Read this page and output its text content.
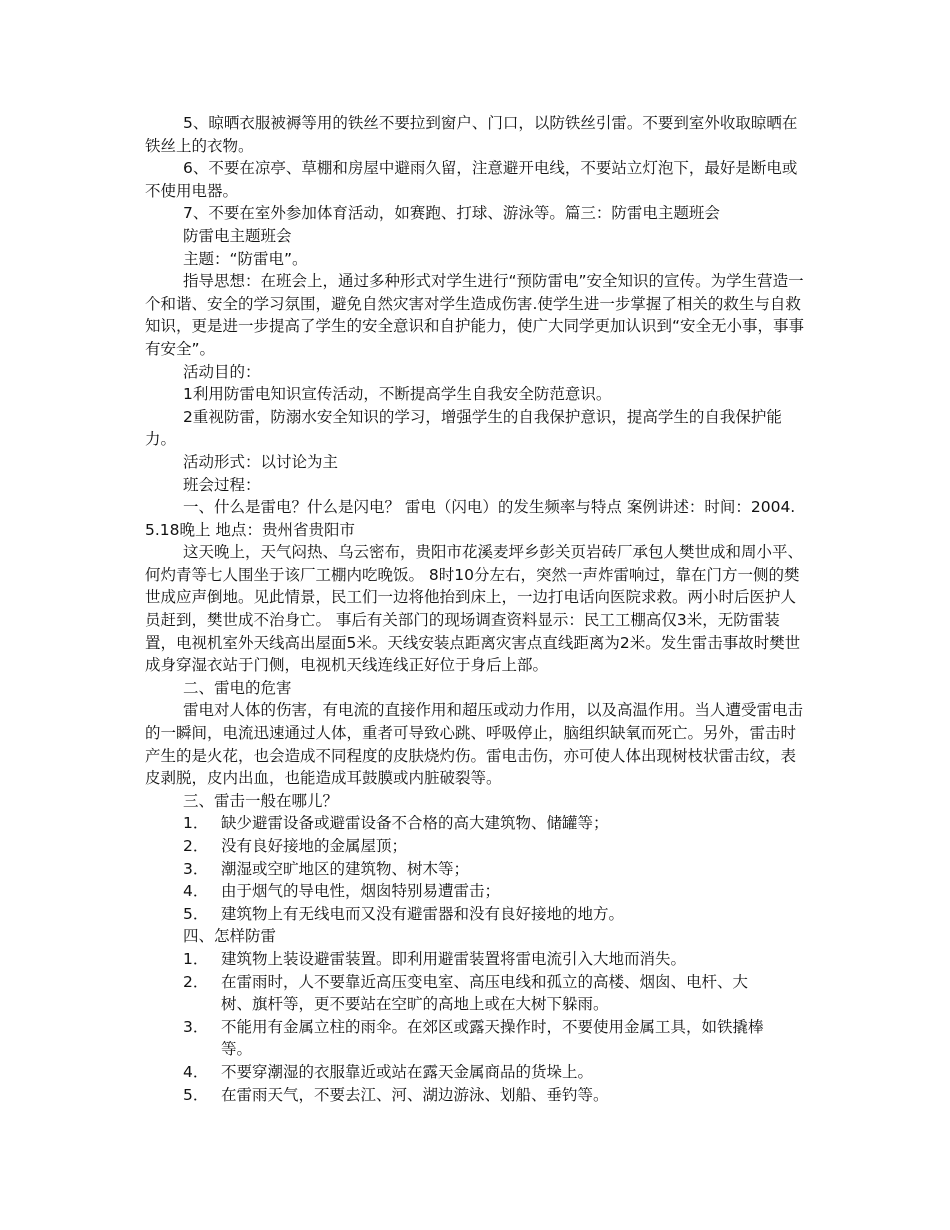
5、晾晒衣服被褥等用的铁丝不要拉到窗户、门口，以防铁丝引雷。不要到室外收取晾晒在铁丝上的衣物。

6、不要在凉亭、草棚和房屋中避雨久留，注意避开电线，不要站立灯泡下，最好是断电或不使用电器。

7、不要在室外参加体育活动，如赛跑、打球、游泳等。篇三：防雷电主题班会

防雷电主题班会

主题：“防雷电”。

指导思想：在班会上，通过多种形式对学生进行“预防雷电”安全知识的宣传。为学生营造一个和谐、安全的学习氛围，避免自然灾害对学生造成伤害.使学生进一步掌握了相关的救生与自救知识，更是进一步提高了学生的安全意识和自护能力，使广大同学更加认识到“安全无小事，事事有安全”。

活动目的：

1利用防雷电知识宣传活动，不断提高学生自我安全防范意识。

2重视防雷，防溺水安全知识的学习，增强学生的自我保护意识，提高学生的自我保护能力。

活动形式：以讨论为主

班会过程：

一、什么是雷电？什么是闪电？ 雷电（闪电）的发生频率与特点 案例讲述：时间：2004.5.18晚上 地点：贵州省贵阳市

这天晚上，天气闷热、乌云密布，贵阳市花溪麦坪乡彭关页岩砖厂承包人樊世成和周小平、何灼青等七人围坐于该厂工棚内吃晚饭。 8时10分左右，突然一声炸雷响过，靠在门方一侧的樊世成应声倒地。见此情景，民工们一边将他抬到床上，一边打电话向医院求救。两小时后医护人员赶到，樊世成不治身亡。 事后有关部门的现场调查资料显示：民工工棚高仅3米，无防雷装置，电视机室外天线高出屋面5米。天线安装点距离灾害点直线距离为2米。发生雷击事故时樊世成身穿湿衣站于门侧，电视机天线连线正好位于身后上部。

二、雷电的危害

雷电对人体的伤害，有电流的直接作用和超压或动力作用，以及高温作用。当人遭受雷电击的一瞬间，电流迅速通过人体，重者可导致心跳、呼吸停止，脑组织缺氧而死亡。另外，雷击时产生的是火花，也会造成不同程度的皮肤烧灼伤。雷电击伤，亦可使人体出现树枝状雷击纹，表皮剥脱，皮内出血，也能造成耳鼓膜或内脏破裂等。

三、雷击一般在哪儿？

1． 缺少避雷设备或避雷设备不合格的高大建筑物、储罐等；
2． 没有良好接地的金属屋顶；
3． 潮湿或空旷地区的建筑物、树木等；
4． 由于烟气的导电性，烟囱特别易遭雷击；
5． 建筑物上有无线电而又没有避雷器和没有良好接地的地方。

四、怎样防雷

1． 建筑物上装设避雷装置。即利用避雷装置将雷电流引入大地而消失。
2． 在雷雨时，人不要靠近高压变电室、高压电线和孤立的高楼、烟囱、电杆、大树、旗杆等，更不要站在空旷的高地上或在大树下躲雨。
3． 不能用有金属立柱的雨伞。在郊区或露天操作时，不要使用金属工具，如铁撬棒等。
4． 不要穿潮湿的衣服靠近或站在露天金属商品的货垛上。
5． 在雷雨天气，不要去江、河、湖边游泳、划船、垂钓等。
